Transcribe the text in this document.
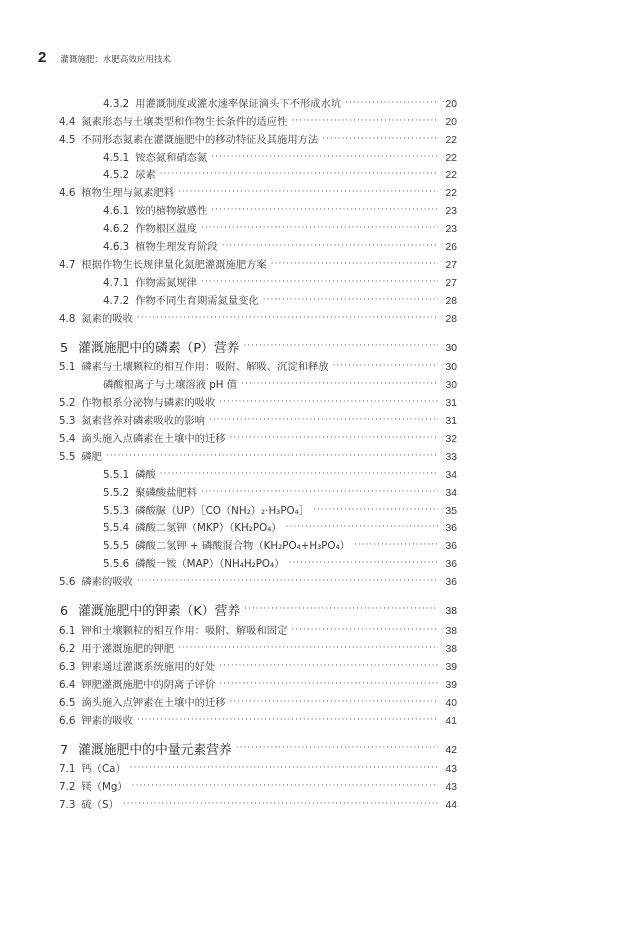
2 灌溉施肥：水肥高效应用技术
4.3.2 用灌溉制度或灌水速率保证滴头下不形成水坑 ·····	20
4.4 氮素形态与土壤类型和作物生长条件的适应性 ·····	20
4.5 不同形态氮素在灌溉施肥中的移动特征及其施用方法 ·····	22
4.5.1 铵态氮和硝态氮 ·····	22
4.5.2 尿素 ·····	22
4.6 植物生理与氮素肥料 ·····	22
4.6.1 铵的植物敏感性 ·····	23
4.6.2 作物根区温度 ·····	23
4.6.3 植物生理发育阶段 ·····	26
4.7 根据作物生长规律量化氮肥灌溉施肥方案 ·····	27
4.7.1 作物需氮规律 ·····	27
4.7.2 作物不同生育期需氮量变化 ·····	28
4.8 氮素的吸收 ·····	28
5 灌溉施肥中的磷素（P）营养 ·····	30
5.1 磷素与土壤颗粒的相互作用：吸附、解吸、沉淀和释放 ·····	30
磷酸根离子与土壤溶液 pH 值 ·····	30
5.2 作物根系分泌物与磷素的吸收 ·····	31
5.3 氮素营养对磷素吸收的影响 ·····	31
5.4 滴头施入点磷素在土壤中的迁移 ·····	32
5.5 磷肥 ·····	33
5.5.1 磷酸 ·····	34
5.5.2 聚磷酸盐肥料 ·····	34
5.5.3 磷酸脲（UP）［CO（NH₂）₂·H₃PO₄］ ·····	35
5.5.4 磷酸二氢钾（MKP）（KH₂PO₄） ·····	36
5.5.5 磷酸二氢钾 + 磷酸混合物（KH₂PO₄+H₃PO₄） ·····	36
5.5.6 磷酸一铵（MAP）（NH₄H₂PO₄） ·····	36
5.6 磷素的吸收 ·····	36
6 灌溉施肥中的钾素（K）营养 ·····	38
6.1 钾和土壤颗粒的相互作用：吸附、解吸和固定 ·····	38
6.2 用于灌溉施肥的钾肥 ·····	38
6.3 钾素通过灌溉系统施用的好处 ·····	39
6.4 钾肥灌溉施肥中的阴离子评价 ·····	39
6.5 滴头施入点钾素在土壤中的迁移 ·····	40
6.6 钾素的吸收 ·····	41
7 灌溉施肥中的中量元素营养 ·····	42
7.1 钙（Ca） ·····	43
7.2 镁（Mg） ·····	43
7.3 硫（S） ·····	44
